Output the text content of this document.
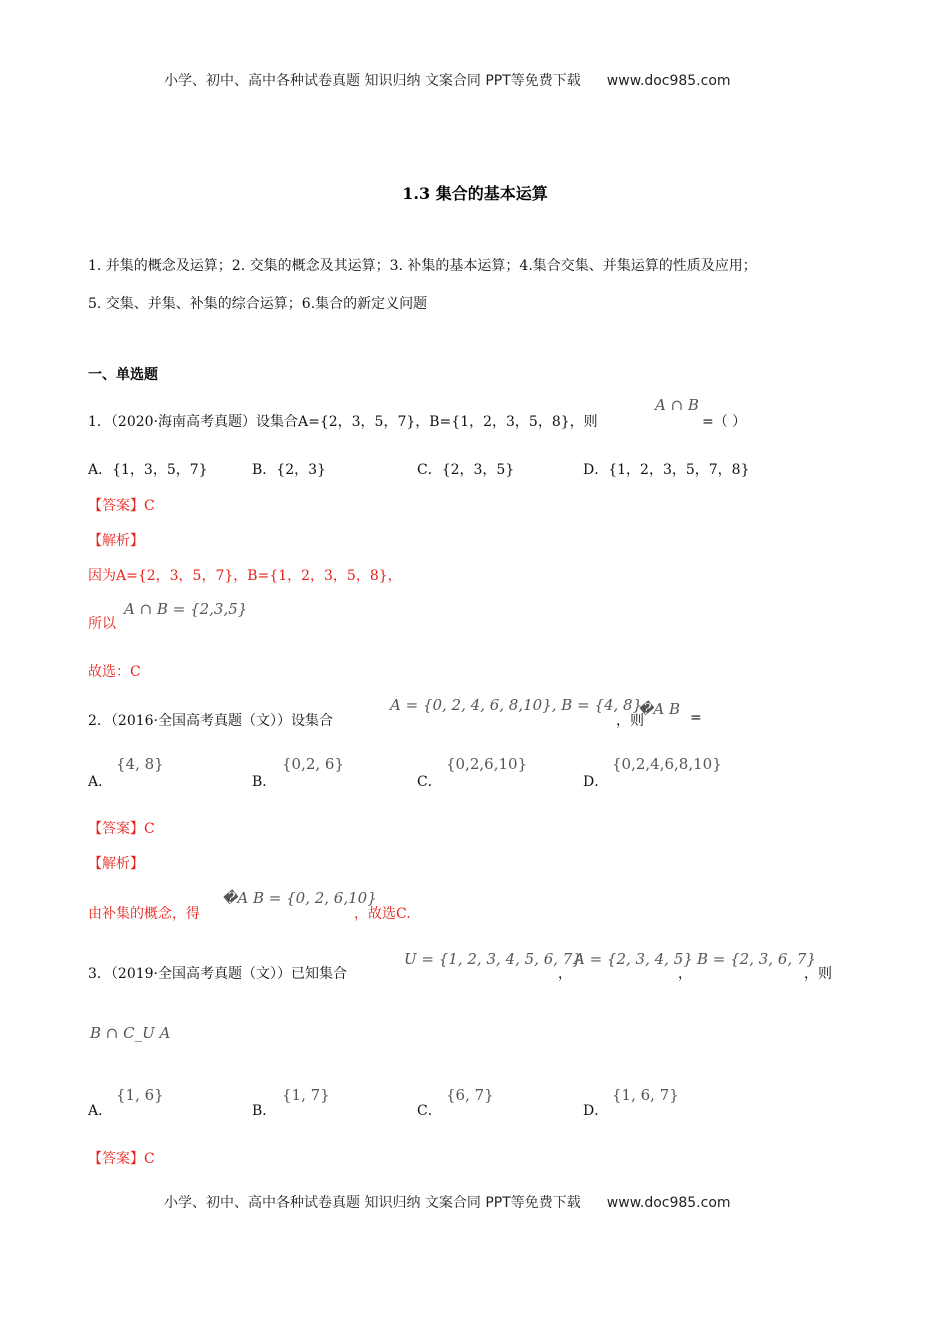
小学、初中、高中各种试卷真题 知识归纳 文案合同 PPT等免费下载 www.doc985.com
1.3 集合的基本运算
1. 并集的概念及运算；2. 交集的概念及其运算；3. 补集的基本运算；4.集合交集、并集运算的性质及应用；
5. 交集、并集、补集的综合运算；6.集合的新定义问题
一、单选题
1．（2020·海南高考真题）设集合A={2，3，5，7}，B={1，2，3，5，8}，则
A ∩ B
=（ ）
A．{1，3，5，7}	B．{2，3}	C．{2，3，5}	D．{1，2，3，5，7，8}
【答案】C
【解析】
因为A={2，3，5，7}，B={1，2，3，5，8}，
所以
A ∩ B = {2,3,5}
故选：C
2．（2016·全国高考真题（文））设集合
A = {0, 2, 4, 6, 8,10}, B = {4, 8}
，则
�A B =
A．
{4, 8}
B．
{0,2, 6}
C．
{0,2,6,10}
D．
{0,2,4,6,8,10}
【答案】C
【解析】
由补集的概念，得
�A B = {0, 2, 6,10}
，故选C.
3．（2019·全国高考真题（文））已知集合
U = {1, 2, 3, 4, 5, 6, 7}
，
A = {2, 3, 4, 5}
，
B = {2, 3, 6, 7}
，则
B ∩ C_U A
A．
{1, 6}
B．
{1, 7}
C．
{6, 7}
D．
{1, 6, 7}
【答案】C
小学、初中、高中各种试卷真题 知识归纳 文案合同 PPT等免费下载 www.doc985.com
